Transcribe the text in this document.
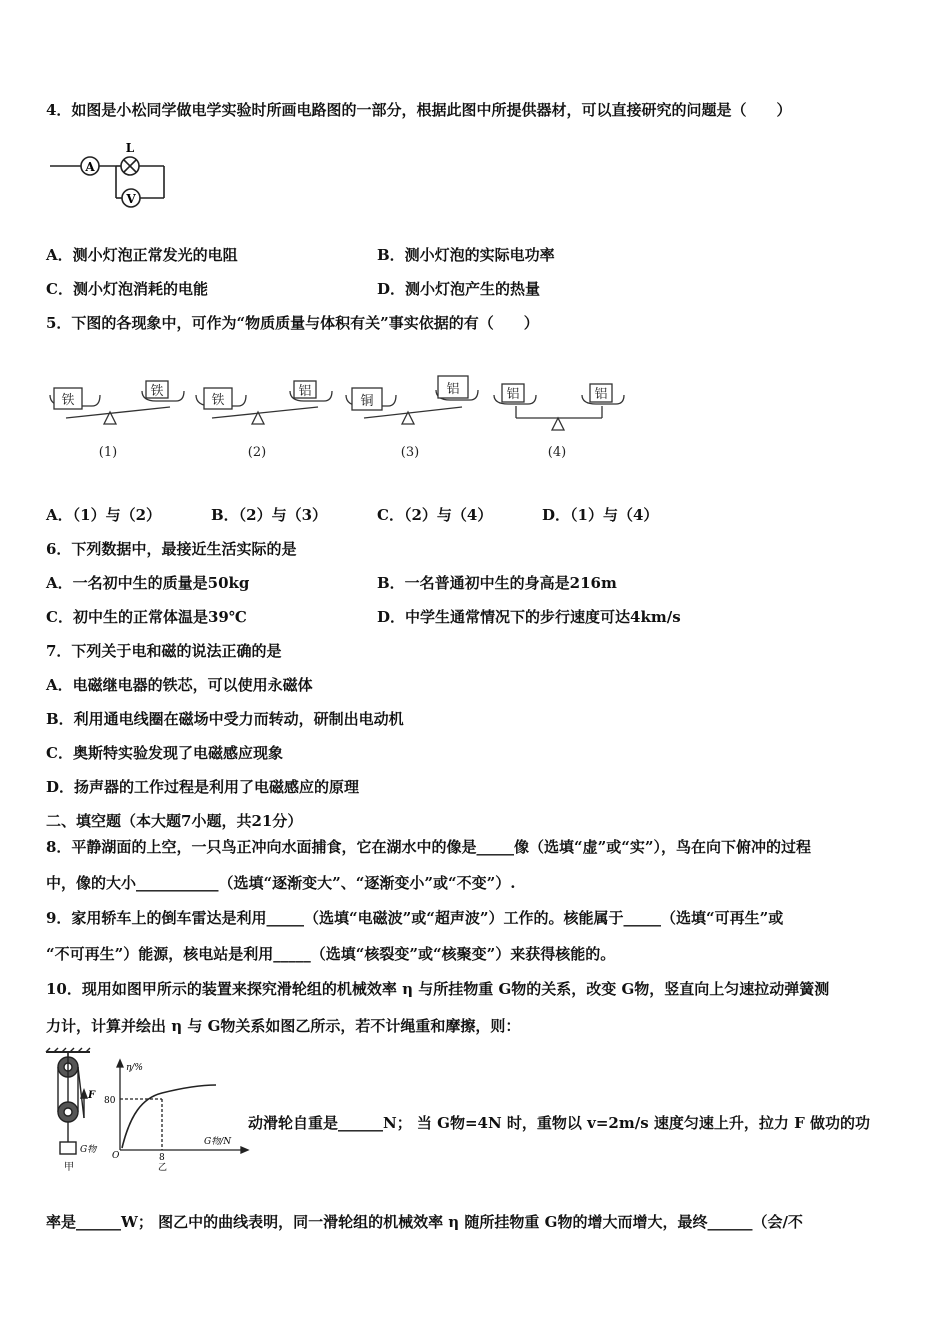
4．如图是小松同学做电学实验时所画电路图的一部分，根据此图中所提供器材，可以直接研究的问题是（　　）
A
L
V
A．测小灯泡正常发光的电阻	B．测小灯泡的实际电功率
C．测小灯泡消耗的电能	D．测小灯泡产生的热量
5．下图的各现象中，可作为“物质质量与体积有关”事实依据的有（　　）
铁
铁
铁
铝
铜
铝	铝	铝
(1)	(2)	(3)	(4)
A．（1）与（2）	B．（2）与（3）	C．（2）与（4）	D．（1）与（4）
6．下列数据中，最接近生活实际的是
A．一名初中生的质量是50kg	B．一名普通初中生的身高是216m
C．初中生的正常体温是39℃	D．中学生通常情况下的步行速度可达4km/s
7．下列关于电和磁的说法正确的是
A．电磁继电器的铁芯，可以使用永磁体
B．利用通电线圈在磁场中受力而转动，研制出电动机
C．奥斯特实验发现了电磁感应现象
D．扬声器的工作过程是利用了电磁感应的原理
二、填空题（本大题7小题，共21分）
8．平静湖面的上空，一只鸟正冲向水面捕食，它在湖水中的像是_____像（选填“虚”或“实”），鸟在向下俯冲的过程
中，像的大小___________（选填“逐渐变大”、“逐渐变小”或“不变”）.
9．家用轿车上的倒车雷达是利用_____（选填“电磁波”或“超声波”）工作的。核能属于_____（选填“可再生”或
“不可再生”）能源，核电站是利用_____（选填“核裂变”或“核聚变”）来获得核能的。
10．现用如图甲所示的装置来探究滑轮组的机械效率 η 与所挂物重 G物的关系，改变 G物，竖直向上匀速拉动弹簧测
力计，计算并绘出 η 与 G物关系如图乙所示，若不计绳重和摩擦，则：
F
G物
甲
η/%
G物/N
O
80
8
乙
动滑轮自重是______N； 当 G物=4N 时，重物以 v=2m/s 速度匀速上升，拉力 F 做功的功
率是______W； 图乙中的曲线表明，同一滑轮组的机械效率 η 随所挂物重 G物的增大而增大，最终______（会/不
